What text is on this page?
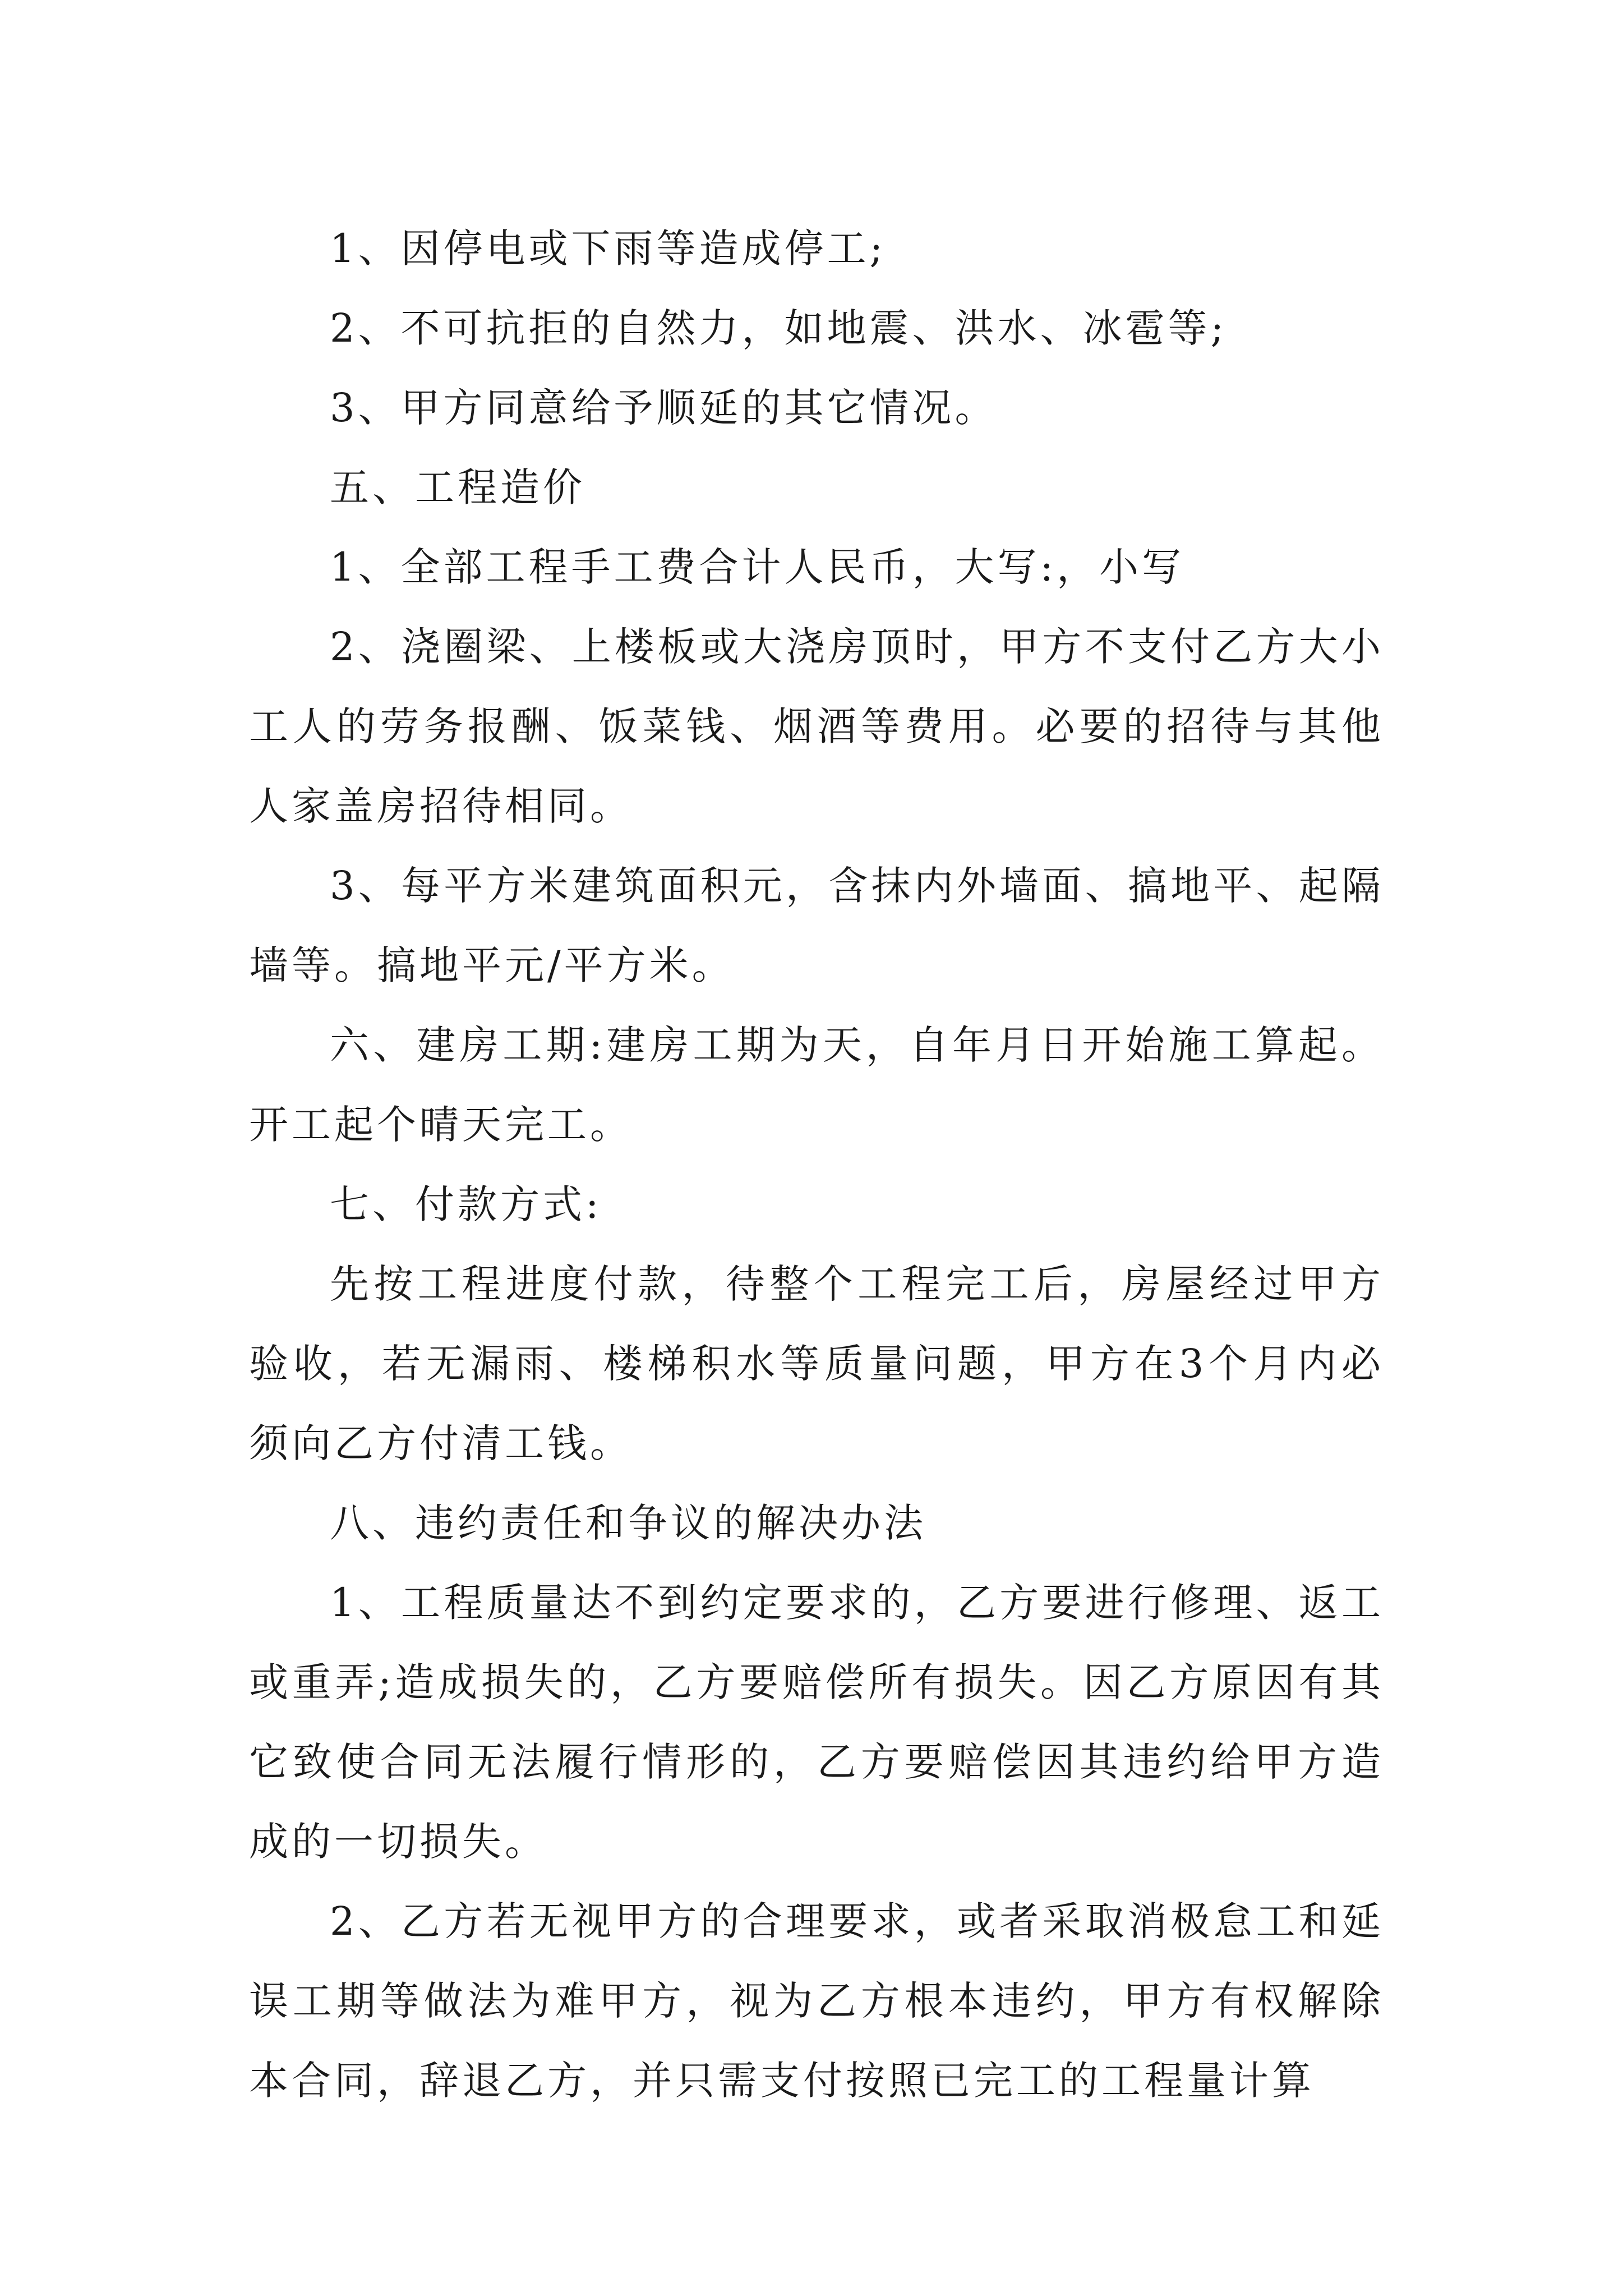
1、因停电或下雨等造成停工;

2、不可抗拒的自然力，如地震、洪水、冰雹等;

3、甲方同意给予顺延的其它情况。

五、工程造价

1、全部工程手工费合计人民币，大写:，小写

2、浇圈梁、上楼板或大浇房顶时，甲方不支付乙方大小工人的劳务报酬、饭菜钱、烟酒等费用。必要的招待与其他人家盖房招待相同。

3、每平方米建筑面积元，含抹内外墙面、搞地平、起隔墙等。搞地平元/平方米。

六、建房工期:建房工期为天，自年月日开始施工算起。开工起个晴天完工。

七、付款方式:

先按工程进度付款，待整个工程完工后，房屋经过甲方验收，若无漏雨、楼梯积水等质量问题，甲方在3个月内必须向乙方付清工钱。

八、违约责任和争议的解决办法

1、工程质量达不到约定要求的，乙方要进行修理、返工或重弄;造成损失的，乙方要赔偿所有损失。因乙方原因有其它致使合同无法履行情形的，乙方要赔偿因其违约给甲方造成的一切损失。

2、乙方若无视甲方的合理要求，或者采取消极怠工和延误工期等做法为难甲方，视为乙方根本违约，甲方有权解除本合同，辞退乙方，并只需支付按照已完工的工程量计算
